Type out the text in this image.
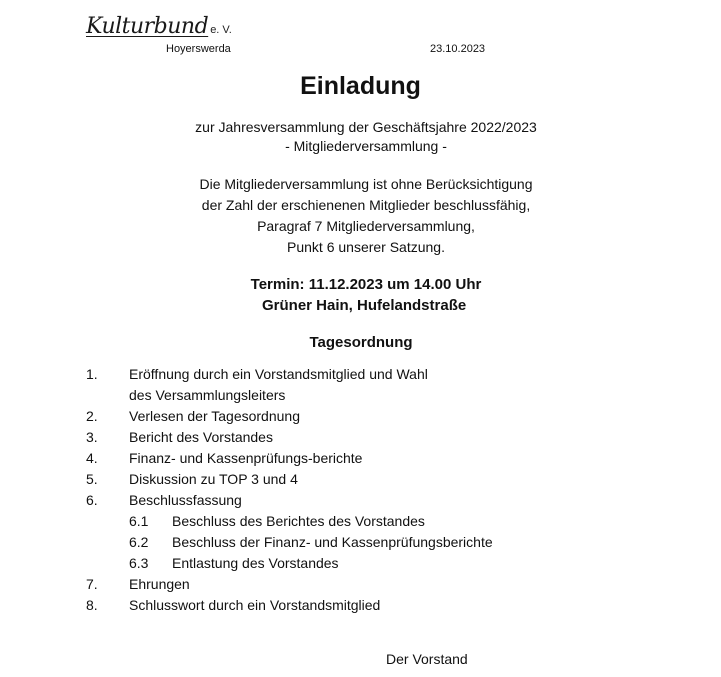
Kulturbund e. V.
Hoyerswerda	23.10.2023
Einladung
zur Jahresversammlung der Geschäftsjahre 2022/2023
- Mitgliederversammlung -
Die Mitgliederversammlung ist ohne Berücksichtigung
der Zahl der erschienenen Mitglieder beschlussfähig,
Paragraf 7 Mitgliederversammlung,
Punkt 6 unserer Satzung.
Termin: 11.12.2023 um 14.00 Uhr
Grüner Hain, Hufelandstraße
Tagesordnung
1. Eröffnung durch ein Vorstandsmitglied und Wahl
des Versammlungsleiters
2. Verlesen der Tagesordnung
3. Bericht des Vorstandes
4. Finanz- und Kassenprüfungs-berichte
5. Diskussion zu TOP 3 und 4
6. Beschlussfassung
6.1 Beschluss des Berichtes des Vorstandes
6.2 Beschluss der Finanz- und Kassenprüfungsberichte
6.3 Entlastung des Vorstandes
7. Ehrungen
8. Schlusswort durch ein Vorstandsmitglied
Der Vorstand
